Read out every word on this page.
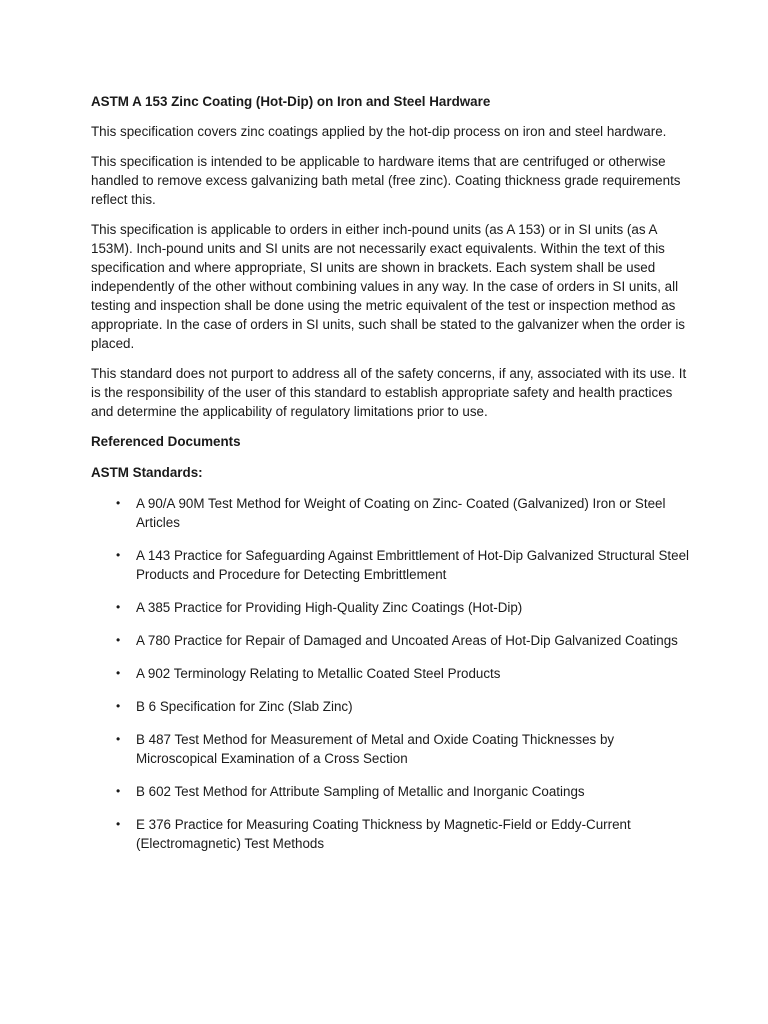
ASTM A 153 Zinc Coating (Hot-Dip) on Iron and Steel Hardware

This specification covers zinc coatings applied by the hot-dip process on iron and steel hardware.

This specification is intended to be applicable to hardware items that are centrifuged or otherwise handled to remove excess galvanizing bath metal (free zinc). Coating thickness grade requirements reflect this.

This specification is applicable to orders in either inch-pound units (as A 153) or in SI units (as A 153M). Inch-pound units and SI units are not necessarily exact equivalents. Within the text of this specification and where appropriate, SI units are shown in brackets. Each system shall be used independently of the other without combining values in any way. In the case of orders in SI units, all testing and inspection shall be done using the metric equivalent of the test or inspection method as appropriate. In the case of orders in SI units, such shall be stated to the galvanizer when the order is placed.

This standard does not purport to address all of the safety concerns, if any, associated with its use. It is the responsibility of the user of this standard to establish appropriate safety and health practices and determine the applicability of regulatory limitations prior to use.

Referenced Documents
ASTM Standards:
• A 90/A 90M Test Method for Weight of Coating on Zinc- Coated (Galvanized) Iron or Steel Articles
• A 143 Practice for Safeguarding Against Embrittlement of Hot-Dip Galvanized Structural Steel Products and Procedure for Detecting Embrittlement
• A 385 Practice for Providing High-Quality Zinc Coatings (Hot-Dip)
• A 780 Practice for Repair of Damaged and Uncoated Areas of Hot-Dip Galvanized Coatings
• A 902 Terminology Relating to Metallic Coated Steel Products
• B 6 Specification for Zinc (Slab Zinc)
• B 487 Test Method for Measurement of Metal and Oxide Coating Thicknesses by Microscopical Examination of a Cross Section
• B 602 Test Method for Attribute Sampling of Metallic and Inorganic Coatings
• E 376 Practice for Measuring Coating Thickness by Magnetic-Field or Eddy-Current (Electromagnetic) Test Methods
